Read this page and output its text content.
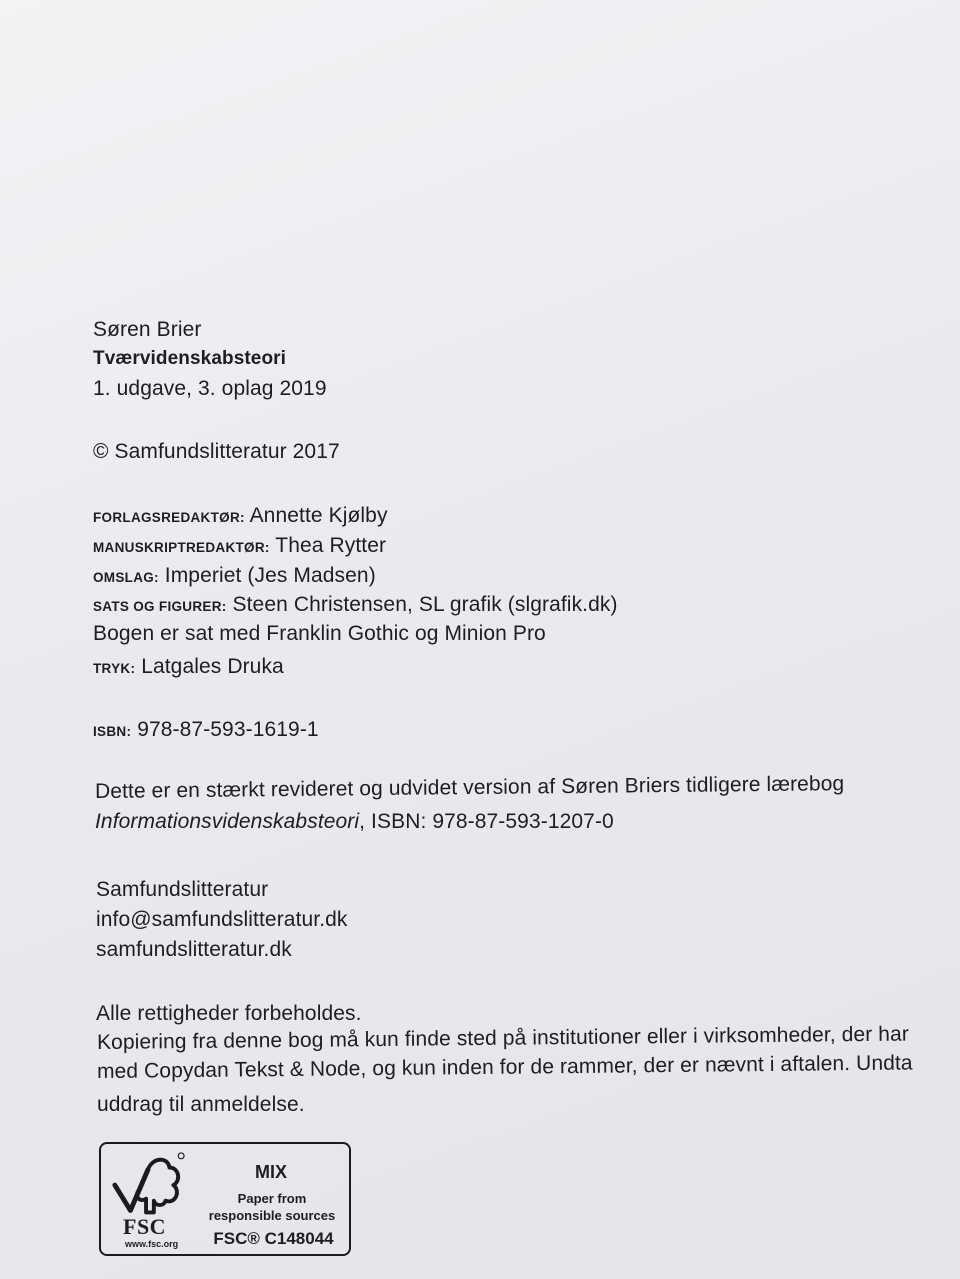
Søren Brier
Tværvidenskabsteori
1. udgave, 3. oplag 2019
© Samfundslitteratur 2017
FORLAGSREDAKTØR: Annette Kjølby
MANUSKRIPTREDAKTØR: Thea Rytter
OMSLAG: Imperiet (Jes Madsen)
SATS OG FIGURER: Steen Christensen, SL grafik (slgrafik.dk)
Bogen er sat med Franklin Gothic og Minion Pro
TRYK: Latgales Druka
ISBN: 978-87-593-1619-1
Dette er en stærkt revideret og udvidet version af Søren Briers tidligere lærebog
Informationsvidenskabsteori, ISBN: 978-87-593-1207-0
Samfundslitteratur
info@samfundslitteratur.dk
samfundslitteratur.dk
Alle rettigheder forbeholdes.
Kopiering fra denne bog må kun finde sted på institutioner eller i virksomheder, der har
med Copydan Tekst & Node, og kun inden for de rammer, der er nævnt i aftalen. Undta
uddrag til anmeldelse.
FSC
www.fsc.org
MIX
Paper from
responsible sources
FSC® C148044
